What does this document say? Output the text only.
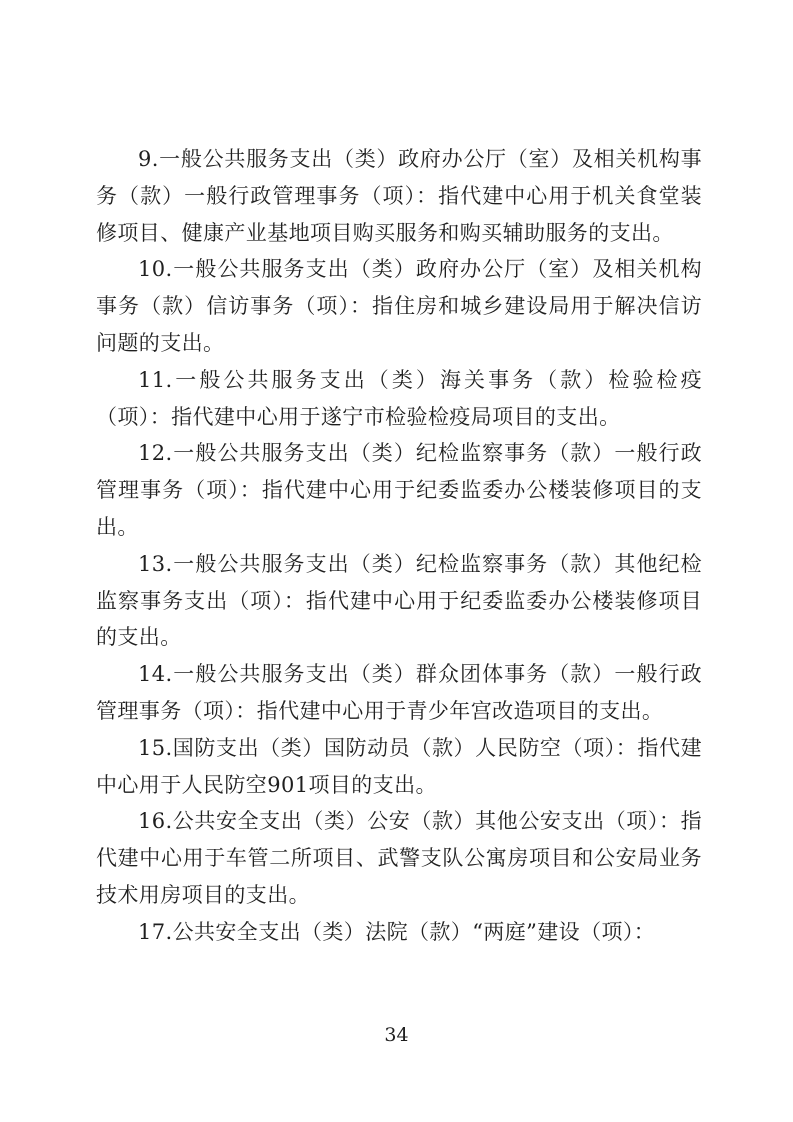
9.一般公共服务支出（类）政府办公厅（室）及相关机构事务（款）一般行政管理事务（项）：指代建中心用于机关食堂装修项目、健康产业基地项目购买服务和购买辅助服务的支出。

10.一般公共服务支出（类）政府办公厅（室）及相关机构事务（款）信访事务（项）：指住房和城乡建设局用于解决信访问题的支出。

11.一般公共服务支出（类）海关事务（款）检验检疫（项）：指代建中心用于遂宁市检验检疫局项目的支出。

12.一般公共服务支出（类）纪检监察事务（款）一般行政管理事务（项）：指代建中心用于纪委监委办公楼装修项目的支出。

13.一般公共服务支出（类）纪检监察事务（款）其他纪检监察事务支出（项）：指代建中心用于纪委监委办公楼装修项目的支出。

14.一般公共服务支出（类）群众团体事务（款）一般行政管理事务（项）：指代建中心用于青少年宫改造项目的支出。

15.国防支出（类）国防动员（款）人民防空（项）：指代建中心用于人民防空901项目的支出。

16.公共安全支出（类）公安（款）其他公安支出（项）：指代建中心用于车管二所项目、武警支队公寓房项目和公安局业务技术用房项目的支出。

17.公共安全支出（类）法院（款）“两庭”建设（项）：

34
